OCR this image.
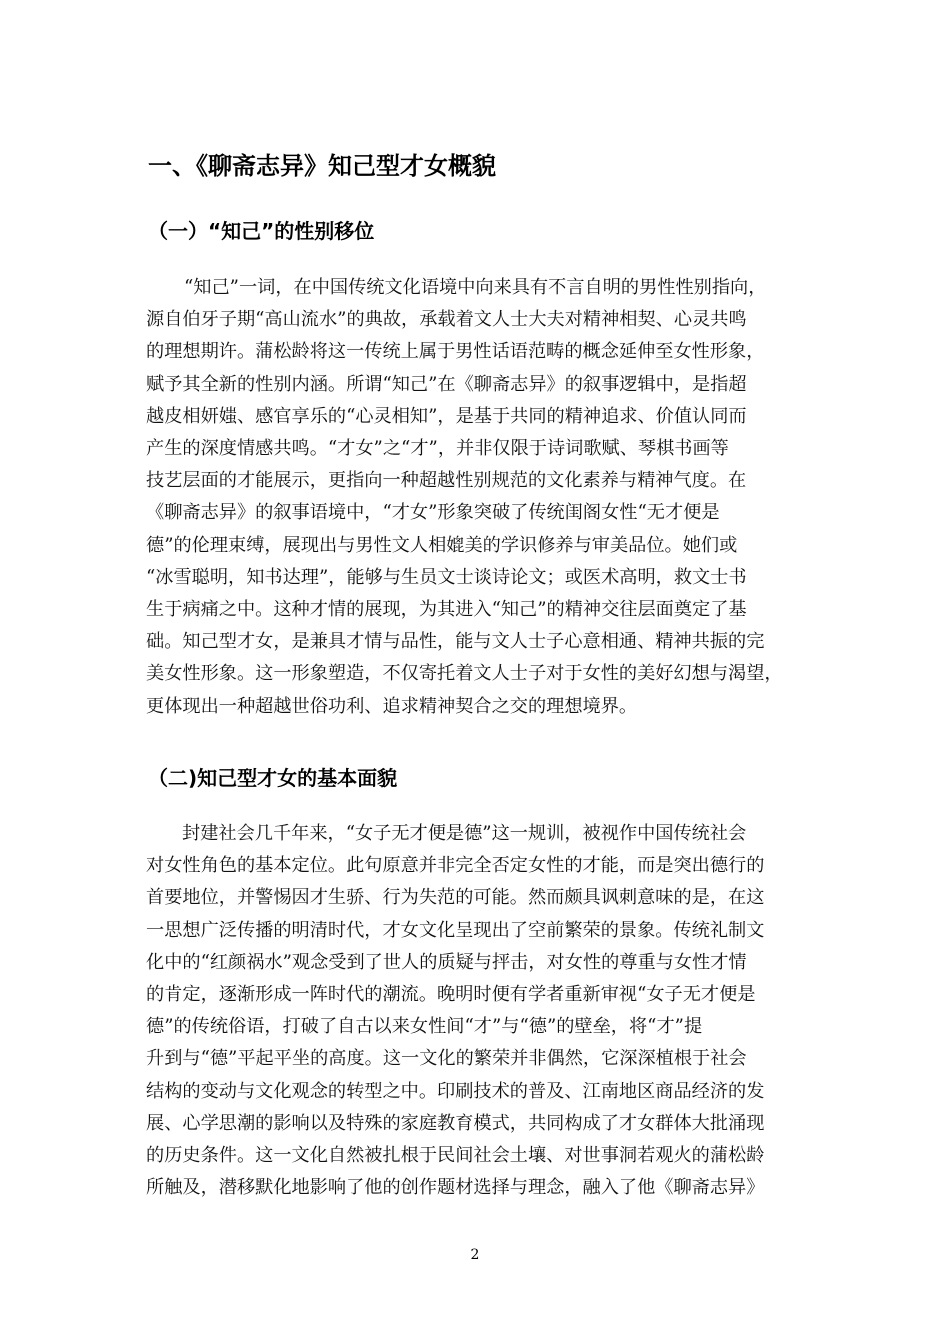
一、《聊斋志异》知己型才女概貌
（一）“知己”的性别移位
“知己”一词，在中国传统文化语境中向来具有不言自明的男性性别指向，
源自伯牙子期“高山流水”的典故，承载着文人士大夫对精神相契、心灵共鸣
的理想期许。蒲松龄将这一传统上属于男性话语范畴的概念延伸至女性形象，
赋予其全新的性别内涵。所谓“知己”在《聊斋志异》的叙事逻辑中，是指超
越皮相妍媸、感官享乐的“心灵相知”，是基于共同的精神追求、价值认同而
产生的深度情感共鸣。“才女”之“才”，并非仅限于诗词歌赋、琴棋书画等
技艺层面的才能展示，更指向一种超越性别规范的文化素养与精神气度。在
《聊斋志异》的叙事语境中，“才女”形象突破了传统闺阁女性“无才便是
德”的伦理束缚，展现出与男性文人相媲美的学识修养与审美品位。她们或
“冰雪聪明，知书达理”，能够与生员文士谈诗论文；或医术高明，救文士书
生于病痛之中。这种才情的展现，为其进入“知己”的精神交往层面奠定了基
础。知己型才女，是兼具才情与品性，能与文人士子心意相通、精神共振的完
美女性形象。这一形象塑造，不仅寄托着文人士子对于女性的美好幻想与渴望，
更体现出一种超越世俗功利、追求精神契合之交的理想境界。
（二)知己型才女的基本面貌
封建社会几千年来，“女子无才便是德”这一规训，被视作中国传统社会
对女性角色的基本定位。此句原意并非完全否定女性的才能，而是突出德行的
首要地位，并警惕因才生骄、行为失范的可能。然而颇具讽刺意味的是，在这
一思想广泛传播的明清时代，才女文化呈现出了空前繁荣的景象。传统礼制文
化中的“红颜祸水”观念受到了世人的质疑与抨击，对女性的尊重与女性才情
的肯定，逐渐形成一阵时代的潮流。晚明时便有学者重新审视“女子无才便是
德”的传统俗语，打破了自古以来女性间“才”与“德”的壁垒，将“才”提
升到与“德”平起平坐的高度。这一文化的繁荣并非偶然，它深深植根于社会
结构的变动与文化观念的转型之中。印刷技术的普及、江南地区商品经济的发
展、心学思潮的影响以及特殊的家庭教育模式，共同构成了才女群体大批涌现
的历史条件。这一文化自然被扎根于民间社会土壤、对世事洞若观火的蒲松龄
所触及，潜移默化地影响了他的创作题材选择与理念，融入了他《聊斋志异》
2
